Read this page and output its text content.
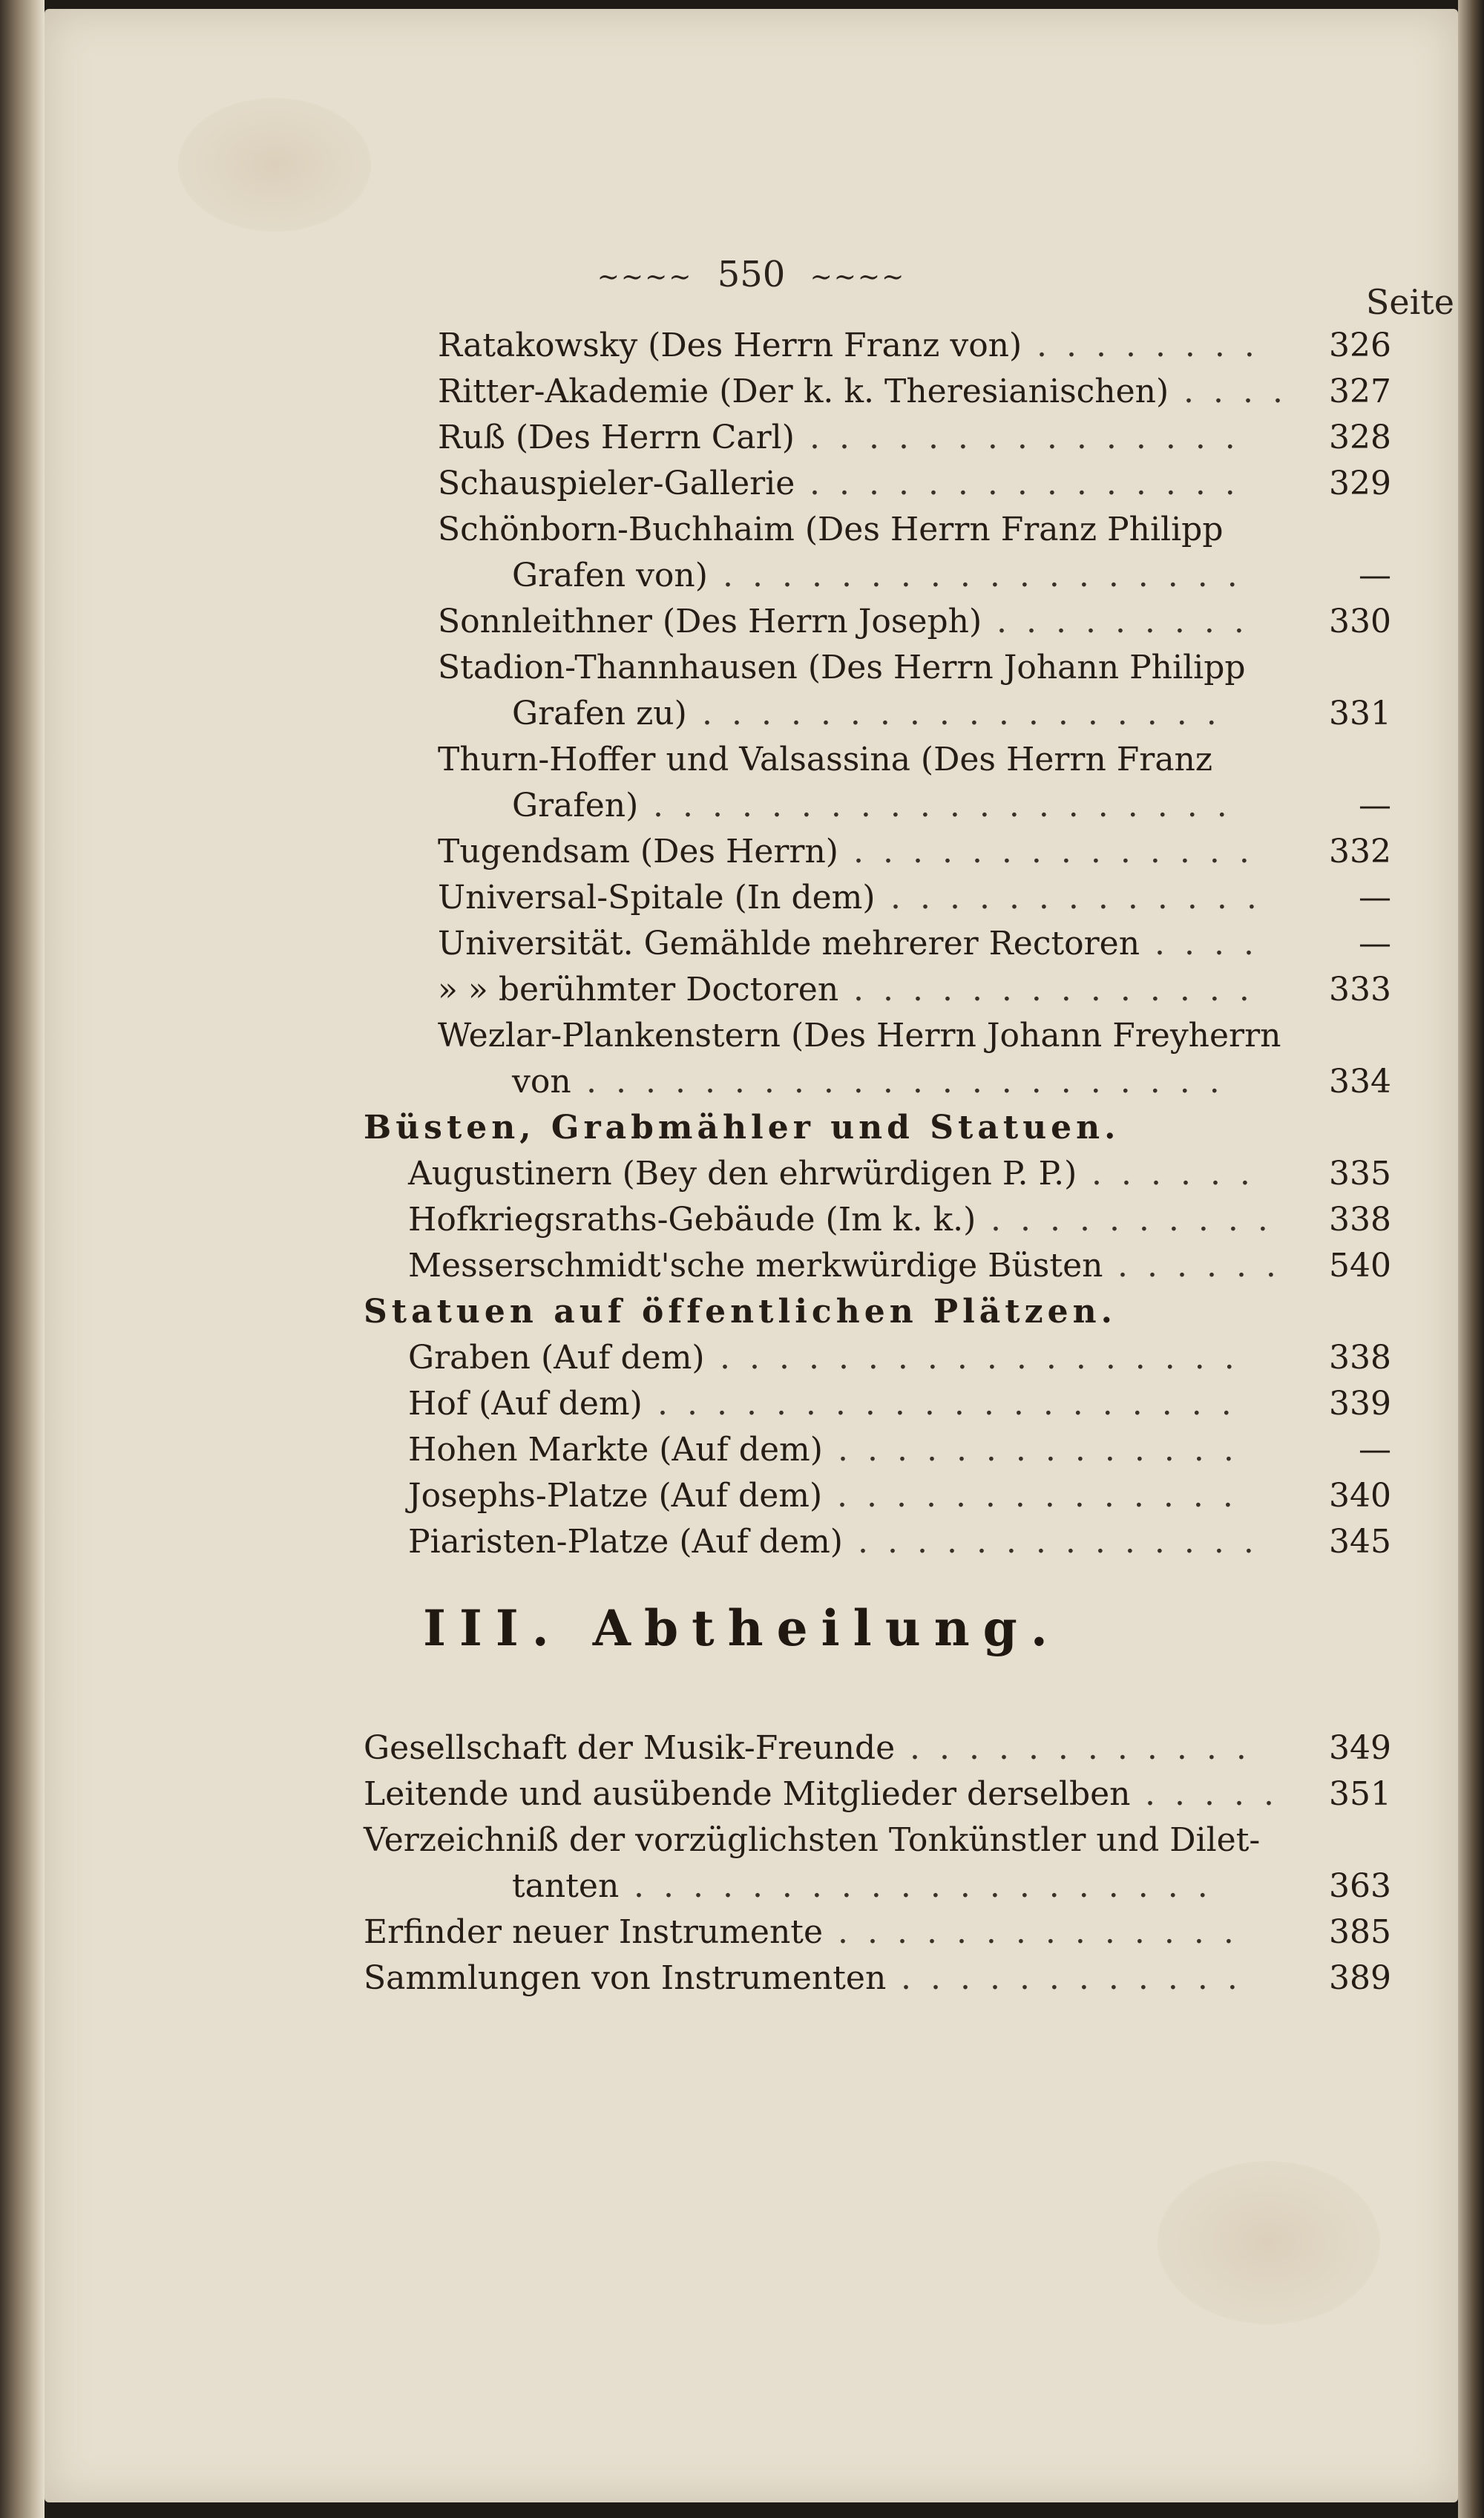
~~~~ 550 ~~~~
Seite
Ratakowsky (Des Herrn Franz von)	326
........
Ritter-Akademie (Der k. k. Theresianischen)	327
....
Ruß (Des Herrn Carl)	328
...............
Schauspieler-Gallerie	329
...............
Schönborn-Buchhaim (Des Herrn Franz Philipp
Grafen von)	—
..................
Sonnleithner (Des Herrn Joseph)	330
.........
Stadion-Thannhausen (Des Herrn Johann Philipp
Grafen zu)	331
..................
Thurn-Hoffer und Valsassina (Des Herrn Franz
Grafen)	—
....................
Tugendsam (Des Herrn)	332
..............
Universal-Spitale (In dem)	—
.............
Universität. Gemählde mehrerer Rectoren	—
....
» » berühmter Doctoren	333
..............
Wezlar-Plankenstern (Des Herrn Johann Freyherrn
von	334
......................
Büsten, Grabmähler und Statuen.
Augustinern (Bey den ehrwürdigen P. P.)	335
......
Hofkriegsraths-Gebäude (Im k. k.)	338
..........
Messerschmidt'sche merkwürdige Büsten	540
......
Statuen auf öffentlichen Plätzen.
Graben (Auf dem)	338
..................
Hof (Auf dem)	339
....................
Hohen Markte (Auf dem)	—
..............
Josephs-Platze (Auf dem)	340
..............
Piaristen-Platze (Auf dem)	345
..............
III. Abtheilung.
Gesellschaft der Musik-Freunde	349
............
Leitende und ausübende Mitglieder derselben	351
.....
Verzeichniß der vorzüglichsten Tonkünstler und Dilet-
tanten	363
....................
Erfinder neuer Instrumente	385
..............
Sammlungen von Instrumenten	389
............
